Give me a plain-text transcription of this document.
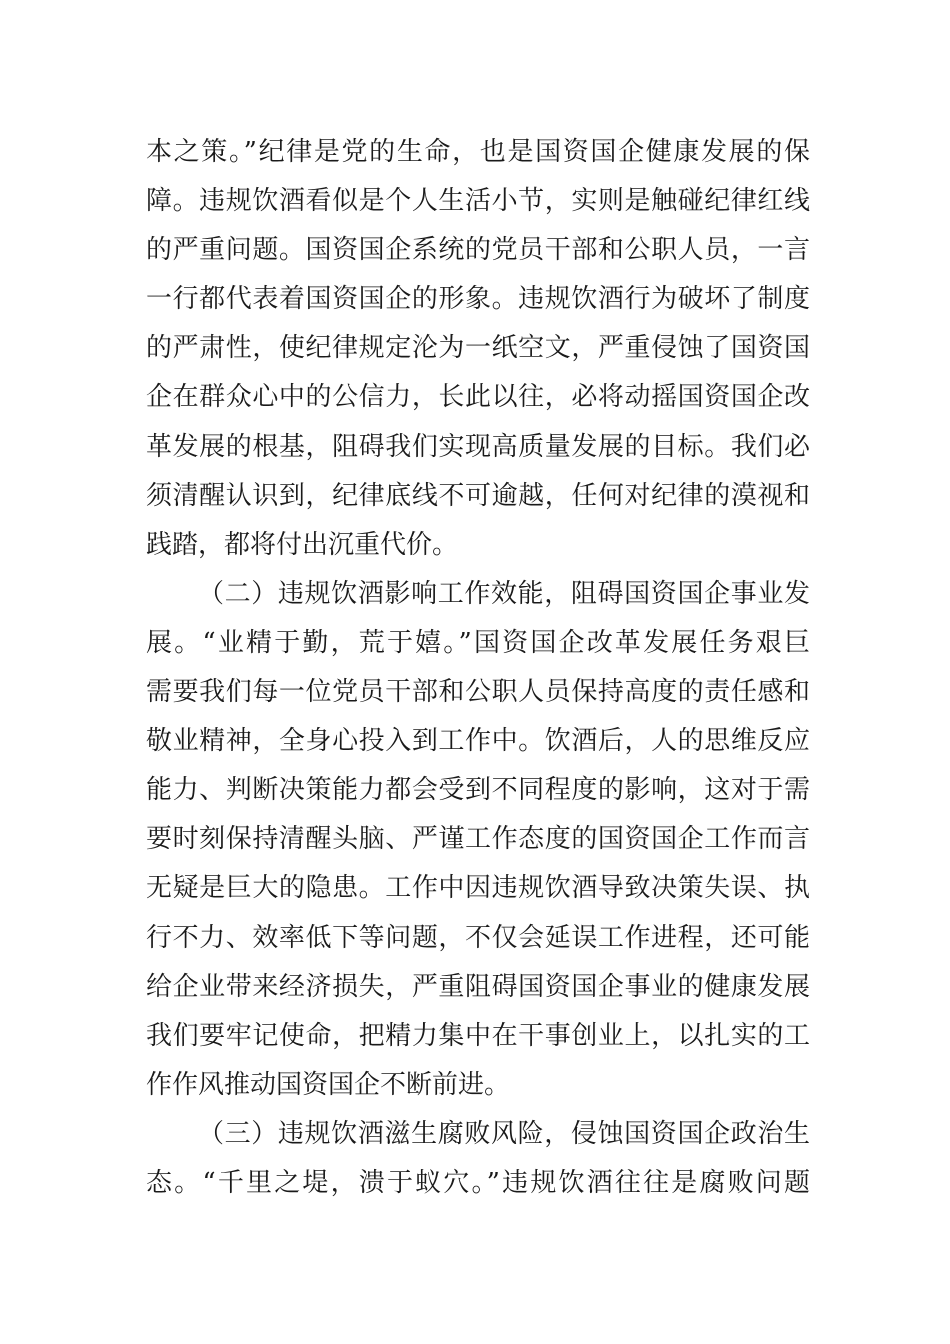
本之策。”纪律是党的生命，也是国资国企健康发展的保
障。违规饮酒看似是个人生活小节，实则是触碰纪律红线
的严重问题。国资国企系统的党员干部和公职人员，一言
一行都代表着国资国企的形象。违规饮酒行为破坏了制度
的严肃性，使纪律规定沦为一纸空文，严重侵蚀了国资国
企在群众心中的公信力，长此以往，必将动摇国资国企改
革发展的根基，阻碍我们实现高质量发展的目标。我们必
须清醒认识到，纪律底线不可逾越，任何对纪律的漠视和
践踏，都将付出沉重代价。
（二）违规饮酒影响工作效能，阻碍国资国企事业发
展。“业精于勤，荒于嬉。”国资国企改革发展任务艰巨
需要我们每一位党员干部和公职人员保持高度的责任感和
敬业精神，全身心投入到工作中。饮酒后，人的思维反应
能力、判断决策能力都会受到不同程度的影响，这对于需
要时刻保持清醒头脑、严谨工作态度的国资国企工作而言
无疑是巨大的隐患。工作中因违规饮酒导致决策失误、执
行不力、效率低下等问题，不仅会延误工作进程，还可能
给企业带来经济损失，严重阻碍国资国企事业的健康发展
我们要牢记使命，把精力集中在干事创业上，以扎实的工
作作风推动国资国企不断前进。
（三）违规饮酒滋生腐败风险，侵蚀国资国企政治生
态。“千里之堤，溃于蚁穴。”违规饮酒往往是腐败问题
